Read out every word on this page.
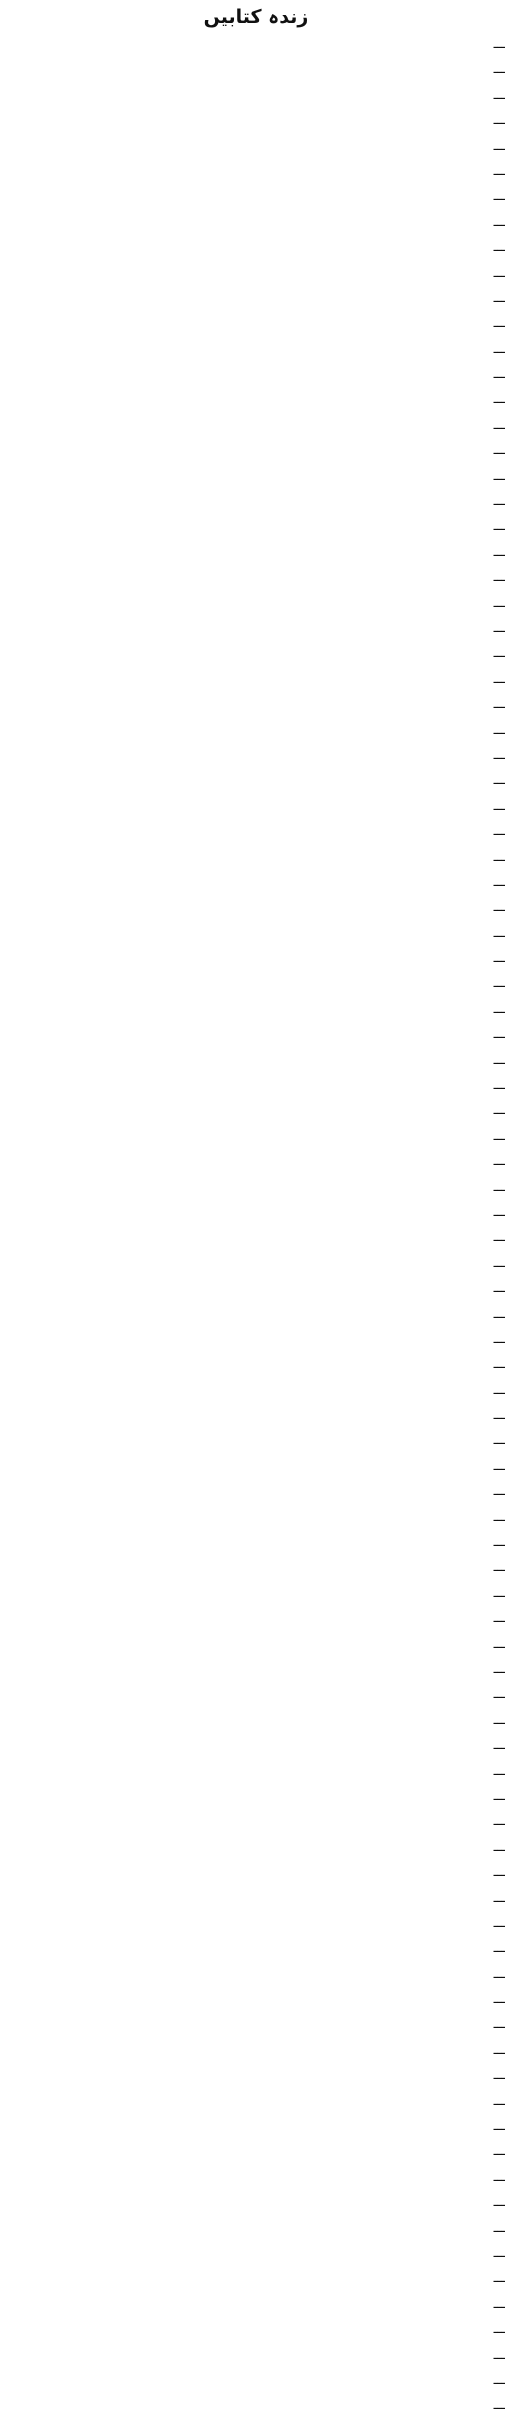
زندہ کتابیں
ـــ
ـــ
ـــ
ـــ
ـــ
ـــ
ـــ
ـــ
ـــ
ـــ
ـــ
ـــ
ـــ
ـــ
ـــ
ـــ
ـــ
ـــ
ـــ
ـــ
ـــ
ـــ
ـــ
ـــ
ـــ
ـــ
ـــ
ـــ
ـــ
ـــ
ـــ
ـــ
ـــ
ـــ
ـــ
ـــ
ـــ
ـــ
ـــ
ـــ
ـــ
ـــ
ـــ
ـــ
ـــ
ـــ
ـــ
ـــ
ـــ
ـــ
ـــ
ـــ
ـــ
ـــ
ـــ
ـــ
ـــ
ـــ
ـــ
ـــ
ـــ
ـــ
ـــ
ـــ
ـــ
ـــ
ـــ
ـــ
ـــ
ـــ
ـــ
ـــ
ـــ
ـــ
ـــ
ـــ
ـــ
ـــ
ـــ
ـــ
ـــ
ـــ
ـــ
ـــ
ـــ
ـــ
ـــ
ـــ
ـــ
ـــ
ـــ
ـــ
ـــ
ـــ
